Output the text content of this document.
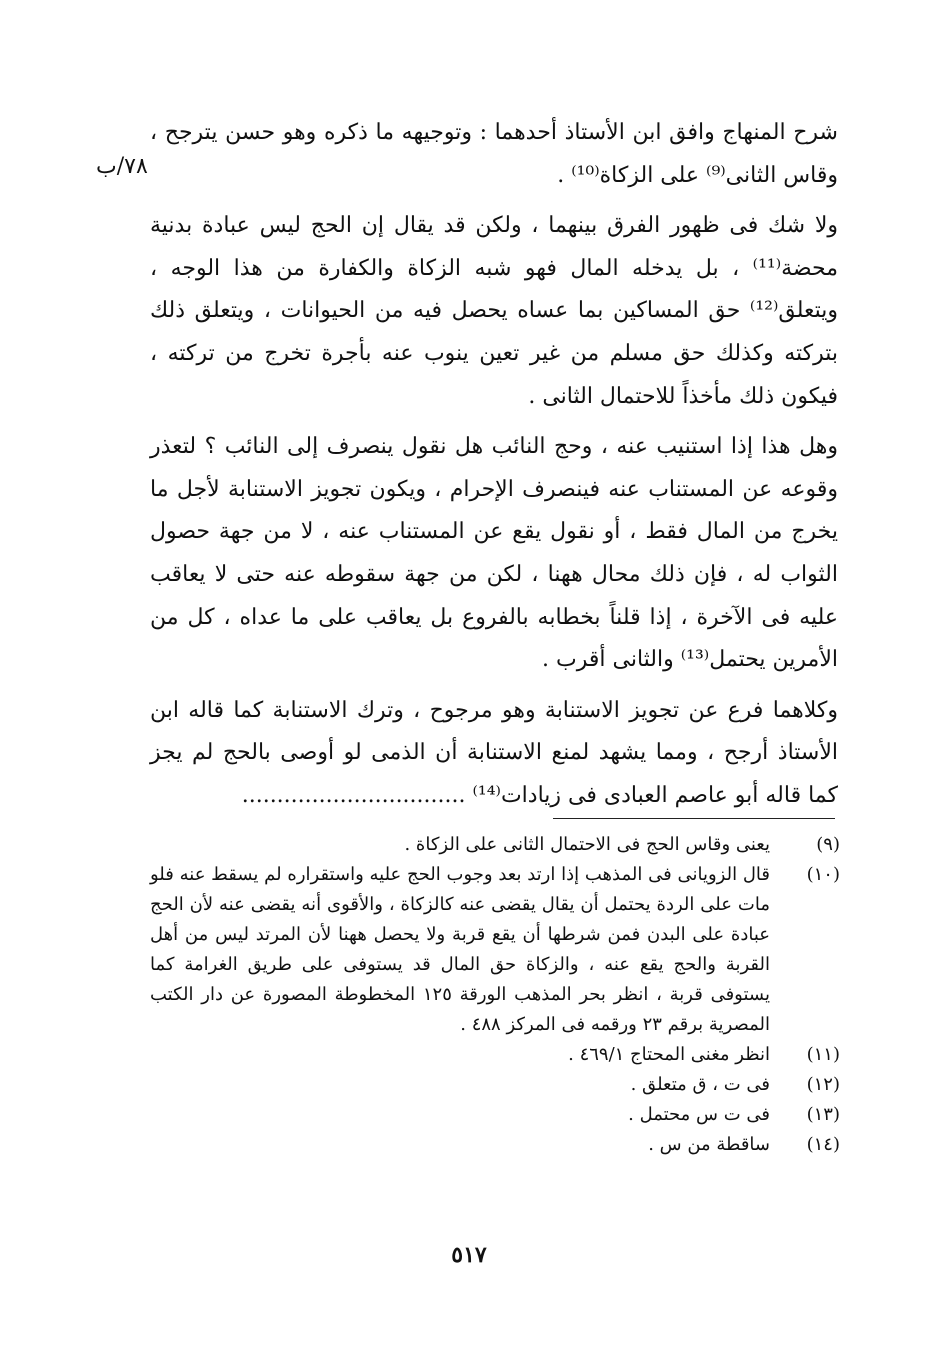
٧٨/ب

شرح المنهاج وافق ابن الأستاذ أحدهما : وتوجيهه ما ذكره وهو حسن يترجح ، وقاس الثانى⁽⁹⁾ على الزكاة⁽¹⁰⁾ .

ولا شك فى ظهور الفرق بينهما ، ولكن قد يقال إن الحج ليس عبادة بدنية محضة⁽¹¹⁾ ، بل يدخله المال فهو شبه الزكاة والكفارة من هذا الوجه ، ويتعلق⁽¹²⁾ حق المساكين بما عساه يحصل فيه من الحيوانات ، ويتعلق ذلك بتركته وكذلك حق مسلم من غير تعين ينوب عنه بأجرة تخرج من تركته ، فيكون ذلك مأخذاً للاحتمال الثانى .

وهل هذا إذا استنيب عنه ، وحج النائب هل نقول ينصرف إلى النائب ؟ لتعذر وقوعه عن المستناب عنه فينصرف الإحرام ، ويكون تجويز الاستنابة لأجل ما يخرج من المال فقط ، أو نقول يقع عن المستناب عنه ، لا من جهة حصول الثواب له ، فإن ذلك محال ههنا ، لكن من جهة سقوطه عنه حتى لا يعاقب عليه فى الآخرة ، إذا قلناً بخطابه بالفروع بل يعاقب على ما عداه ، كل من الأمرين يحتمل⁽¹³⁾ والثانى أقرب .

وكلاهما فرع عن تجويز الاستنابة وهو مرجوح ، وترك الاستنابة كما قاله ابن الأستاذ أرجح ، ومما يشهد لمنع الاستنابة أن الذمى لو أوصى بالحج لم يجز كما قاله أبو عاصم العبادى فى زيادات⁽¹⁴⁾ ................................

(٩)
يعنى وقاس الحج فى الاحتمال الثانى على الزكاة .
(١٠)
قال الزويانى فى المذهب إذا ارتد بعد وجوب الحج عليه واستقراره لم يسقط عنه فلو مات على الردة يحتمل أن يقال يقضى عنه كالزكاة ، والأقوى أنه يقضى عنه لأن الحج عبادة على البدن فمن شرطها أن يقع قربة ولا يحصل ههنا لأن المرتد ليس من أهل القربة والحج يقع عنه ، والزكاة حق المال قد يستوفى على طريق الغرامة كما يستوفى قربة ، انظر بحر المذهب الورقة ١٢٥ المخطوطة المصورة عن دار الكتب المصرية برقم ٢٣ ورقمه فى المركز ٤٨٨ .
(١١)
انظر مغنى المحتاج ٤٦٩/١ .
(١٢)
فى ت ، ق متعلق .
(١٣)
فى ت س محتمل .
(١٤)
ساقطة من س .
٥١٧
